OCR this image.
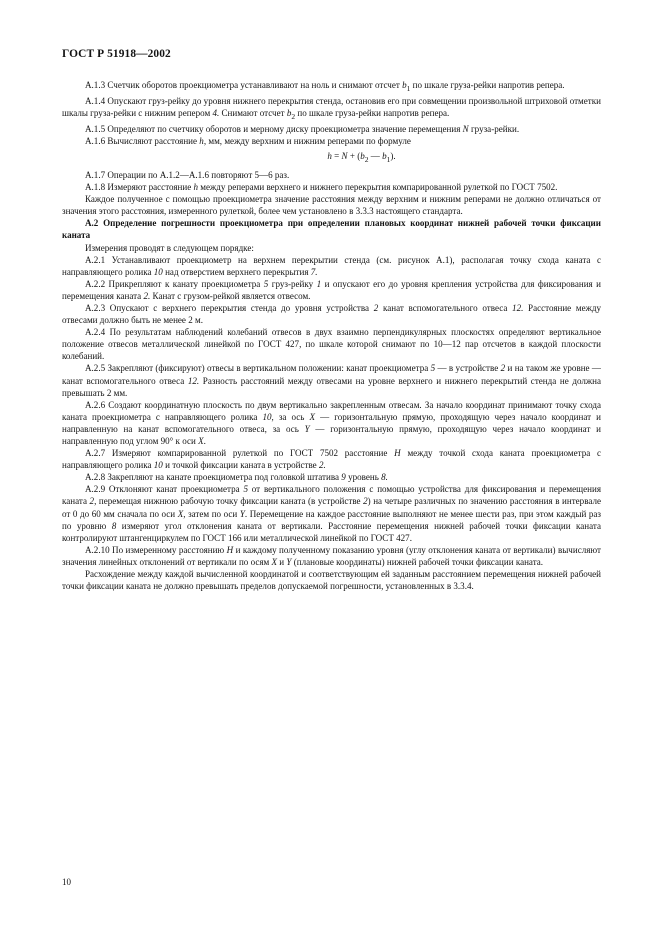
ГОСТ Р 51918—2002

А.1.3 Счетчик оборотов проекциометра устанавливают на ноль и снимают отсчет $b_1$ по шкале груза-рейки напротив репера.

А.1.4 Опускают груз-рейку до уровня нижнего перекрытия стенда, остановив его при совмещении произвольной штриховой отметки шкалы груза-рейки с нижним репером 4. Снимают отсчет $b_2$ по шкале груза-рейки напротив репера.

А.1.5 Определяют по счетчику оборотов и мерному диску проекциометра значение перемещения N груза-рейки.

А.1.6 Вычисляют расстояние h, мм, между верхним и нижним реперами по формуле

$h = N + (b_2$ — $b_1$).

А.1.7 Операции по А.1.2—А.1.6 повторяют 5—6 раз.

А.1.8 Измеряют расстояние h между реперами верхнего и нижнего перекрытия компарированной рулеткой по ГОСТ 7502.

Каждое полученное с помощью проекциометра значение расстояния между верхним и нижним реперами не должно отличаться от значения этого расстояния, измеренного рулеткой, более чем установлено в 3.3.3 настоящего стандарта.

А.2 Определение погрешности проекциометра при определении плановых координат нижней рабочей точки фиксации каната

Измерения проводят в следующем порядке:

А.2.1 Устанавливают проекциометр на верхнем перекрытии стенда (см. рисунок А.1), располагая точку схода каната с направляющего ролика 10 над отверстием верхнего перекрытия 7.

А.2.2 Прикрепляют к канату проекциометра 5 груз-рейку 1 и опускают его до уровня крепления устройства для фиксирования и перемещения каната 2. Канат с грузом-рейкой является отвесом.

А.2.3 Опускают с верхнего перекрытия стенда до уровня устройства 2 канат вспомогательного отвеса 12. Расстояние между отвесами должно быть не менее 2 м.

А.2.4 По результатам наблюдений колебаний отвесов в двух взаимно перпендикулярных плоскостях определяют вертикальное положение отвесов металлической линейкой по ГОСТ 427, по шкале которой снимают по 10—12 пар отсчетов в каждой плоскости колебаний.

А.2.5 Закрепляют (фиксируют) отвесы в вертикальном положении: канат проекциометра 5 — в устройстве 2 и на таком же уровне — канат вспомогательного отвеса 12. Разность расстояний между отвесами на уровне верхнего и нижнего перекрытий стенда не должна превышать 2 мм.

А.2.6 Создают координатную плоскость по двум вертикально закрепленным отвесам. За начало координат принимают точку схода каната проекциометра с направляющего ролика 10, за ось X — горизонтальную прямую, проходящую через начало координат и направленную на канат вспомогательного отвеса, за ось Y — горизонтальную прямую, проходящую через начало координат и направленную под углом 90° к оси X.

А.2.7 Измеряют компарированной рулеткой по ГОСТ 7502 расстояние H между точкой схода каната проекциометра с направляющего ролика 10 и точкой фиксации каната в устройстве 2.

А.2.8 Закрепляют на канате проекциометра под головкой штатива 9 уровень 8.

А.2.9 Отклоняют канат проекциометра 5 от вертикального положения с помощью устройства для фиксирования и перемещения каната 2, перемещая нижнюю рабочую точку фиксации каната (в устройстве 2) на четыре различных по значению расстояния в интервале от 0 до 60 мм сначала по оси X, затем по оси Y. Перемещение на каждое расстояние выполняют не менее шести раз, при этом каждый раз по уровню 8 измеряют угол отклонения каната от вертикали. Расстояние перемещения нижней рабочей точки фиксации каната контролируют штангенциркулем по ГОСТ 166 или металлической линейкой по ГОСТ 427.

А.2.10 По измеренному расстоянию H и каждому полученному показанию уровня (углу отклонения каната от вертикали) вычисляют значения линейных отклонений от вертикали по осям X и Y (плановые координаты) нижней рабочей точки фиксации каната.

Расхождение между каждой вычисленной координатой и соответствующим ей заданным расстоянием перемещения нижней рабочей точки фиксации каната не должно превышать пределов допускаемой погрешности, установленных в 3.3.4.

10
